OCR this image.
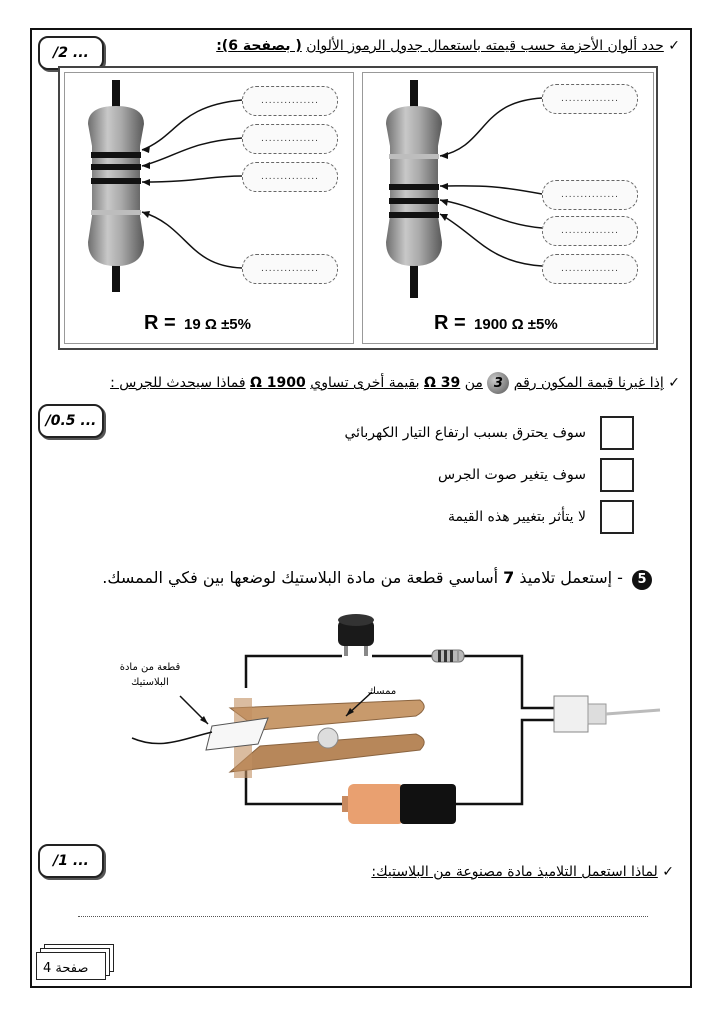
/2 ...	✓ حدد ألوان الأحزمة حسب قيمته باستعمال جدول الرموز الألوان ( بصفحة 6):
...............
...............
...............
...............
...............
...............
...............
...............
R = 19 Ω ±5%	R = 1900 Ω ±5%
✓ إذا غيرنا قيمة المكون رقم 3 من Ω 39 بقيمة أخرى تساوي Ω 1900 فماذا سيحدث للجرس :
/0.5 ...
سوف يحترق بسبب ارتفاع التيار الكهربائي
سوف يتغير صوت الجرس
لا يتأثر بتغيير هذه القيمة
5 - إستعمل تلاميذ 7 أساسي قطعة من مادة البلاستيك لوضعها بين فكي الممسك.
قطعة من مادة
البلاستيك
ممسك
/1 ...
✓ لماذا استعمل التلاميذ مادة مصنوعة من البلاستيك:
صفحة 4
